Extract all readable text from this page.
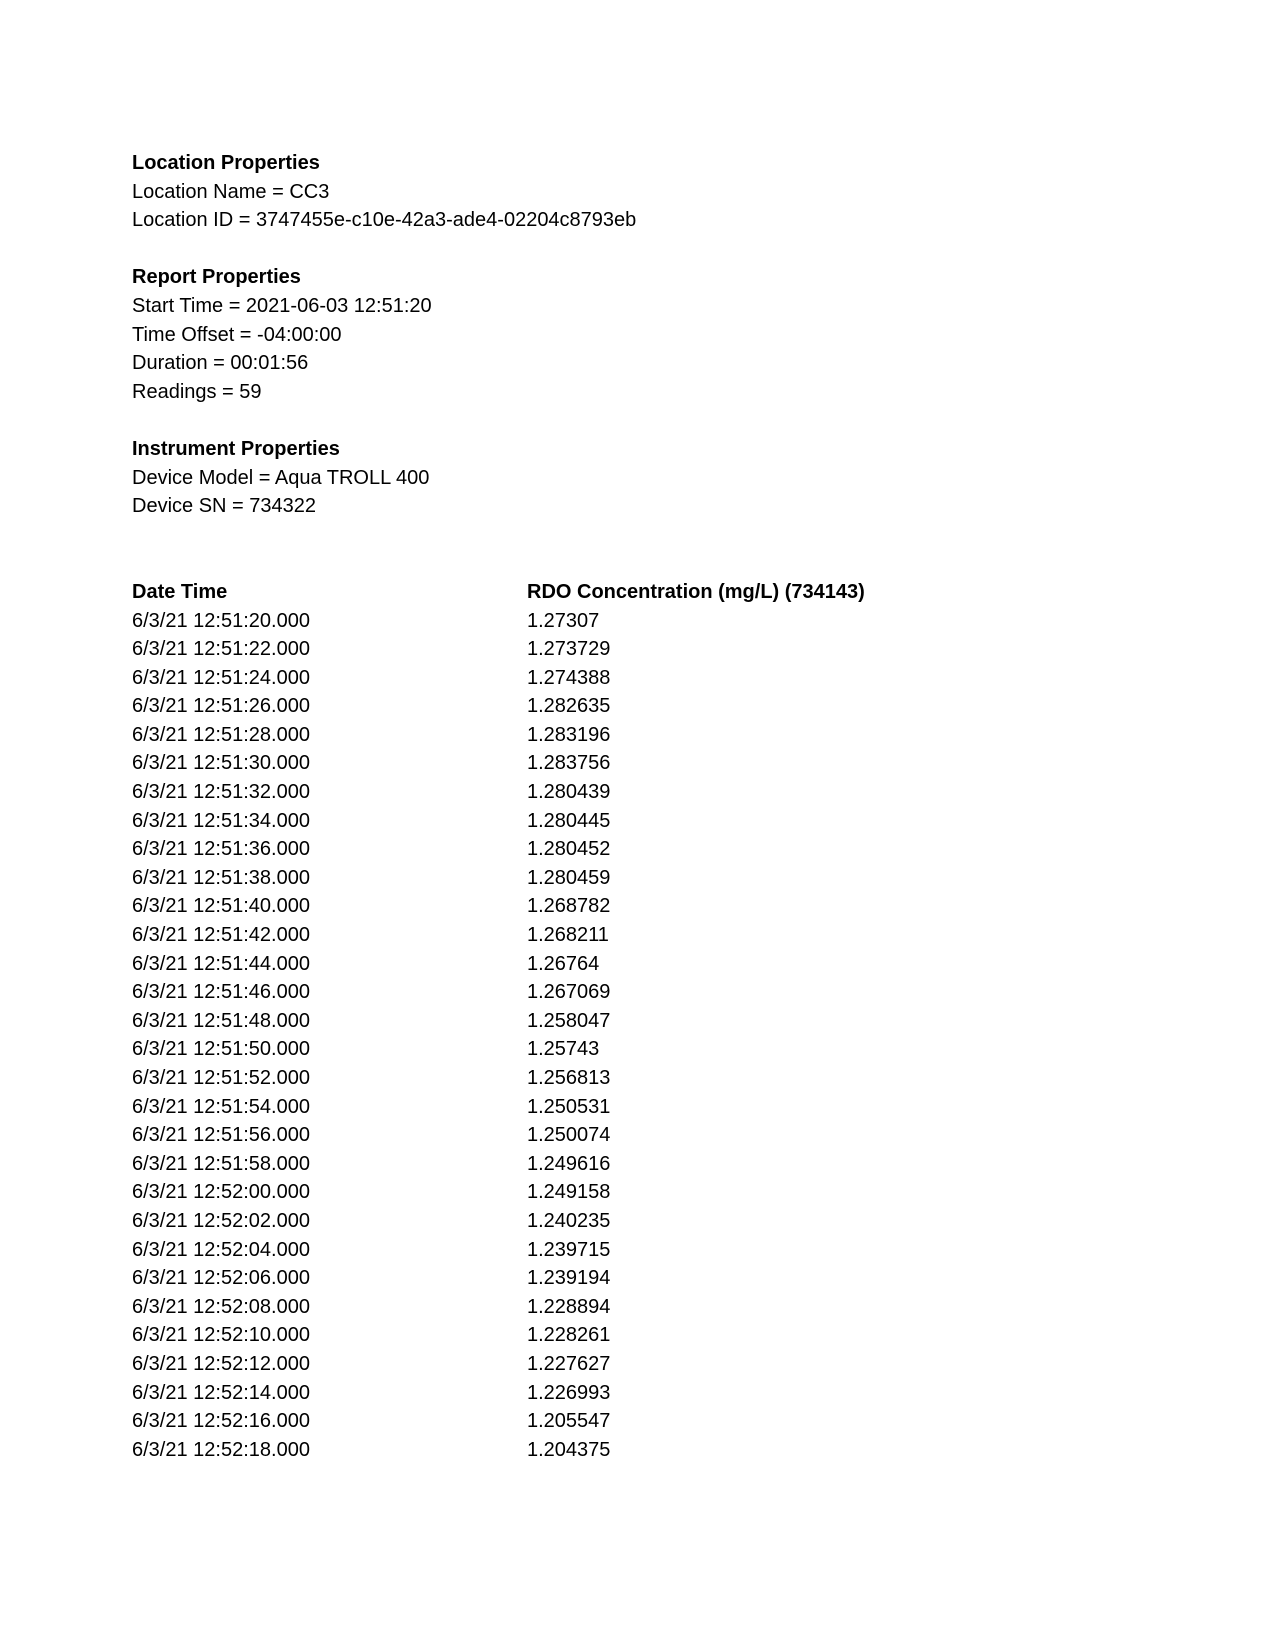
Location Properties

Location Name = CC3

Location ID = 3747455e-c10e-42a3-ade4-02204c8793eb

Report Properties

Start Time = 2021-06-03 12:51:20

Time Offset = -04:00:00

Duration = 00:01:56

Readings = 59

Instrument Properties

Device Model = Aqua TROLL 400

Device SN = 734322

Date Time	RDO Concentration (mg/L) (734143)
6/3/21 12:51:20.000	1.27307
6/3/21 12:51:22.000	1.273729
6/3/21 12:51:24.000	1.274388
6/3/21 12:51:26.000	1.282635
6/3/21 12:51:28.000	1.283196
6/3/21 12:51:30.000	1.283756
6/3/21 12:51:32.000	1.280439
6/3/21 12:51:34.000	1.280445
6/3/21 12:51:36.000	1.280452
6/3/21 12:51:38.000	1.280459
6/3/21 12:51:40.000	1.268782
6/3/21 12:51:42.000	1.268211
6/3/21 12:51:44.000	1.26764
6/3/21 12:51:46.000	1.267069
6/3/21 12:51:48.000	1.258047
6/3/21 12:51:50.000	1.25743
6/3/21 12:51:52.000	1.256813
6/3/21 12:51:54.000	1.250531
6/3/21 12:51:56.000	1.250074
6/3/21 12:51:58.000	1.249616
6/3/21 12:52:00.000	1.249158
6/3/21 12:52:02.000	1.240235
6/3/21 12:52:04.000	1.239715
6/3/21 12:52:06.000	1.239194
6/3/21 12:52:08.000	1.228894
6/3/21 12:52:10.000	1.228261
6/3/21 12:52:12.000	1.227627
6/3/21 12:52:14.000	1.226993
6/3/21 12:52:16.000	1.205547
6/3/21 12:52:18.000	1.204375
